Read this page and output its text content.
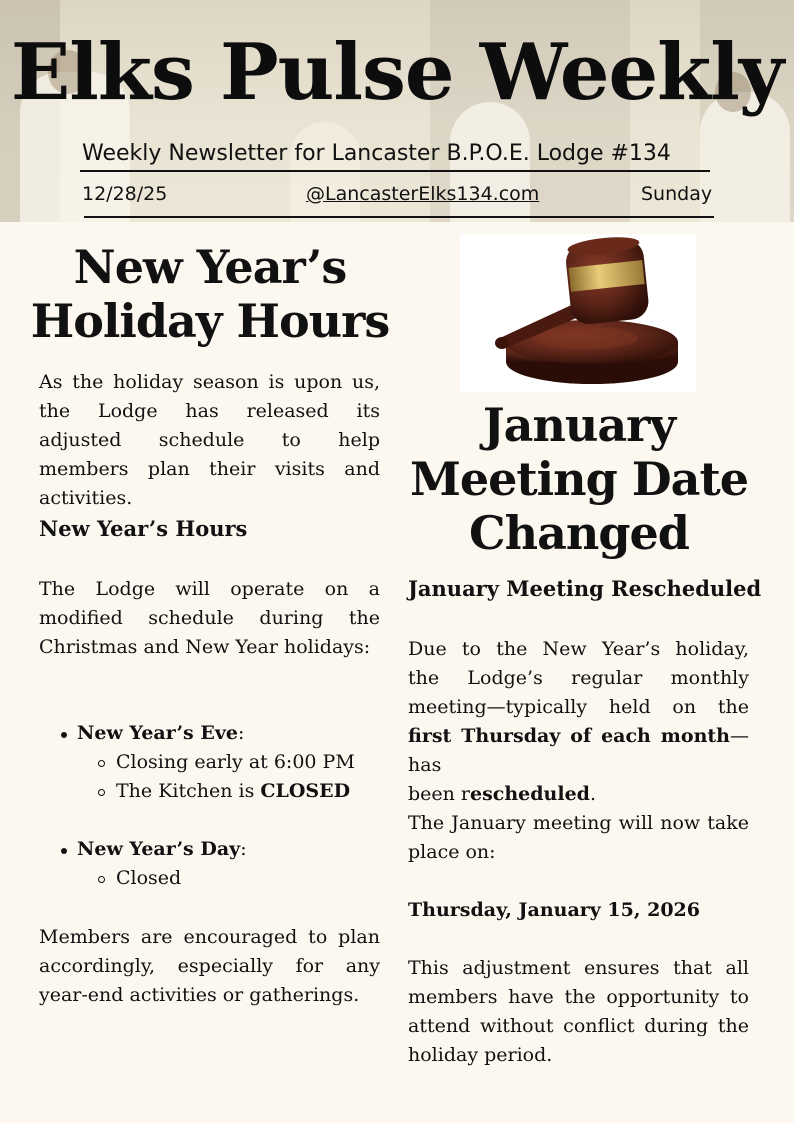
Elks Pulse Weekly
Weekly Newsletter for Lancaster B.P.O.E. Lodge #134
12/28/25	@LancasterElks134.com	Sunday
New Year’s
Holiday Hours
As the holiday season is upon us, the Lodge has released its adjusted schedule to help members plan their visits and activities.
New Year’s Hours
The Lodge will operate on a modified schedule during the Christmas and New Year holidays:
New Year’s Eve:
Closing early at 6:00 PM
The Kitchen is CLOSED
New Year’s Day:
Closed
Members are encouraged to plan accordingly, especially for any year-end activities or gatherings.
January
Meeting Date
Changed
January Meeting Rescheduled
Due to the New Year’s holiday,
the Lodge’s regular monthly
meeting—typically held on the
first Thursday of each month—has
been rescheduled.
The January meeting will now take place on:
Thursday, January 15, 2026
This adjustment ensures that all members have the opportunity to attend without conflict during the holiday period.
